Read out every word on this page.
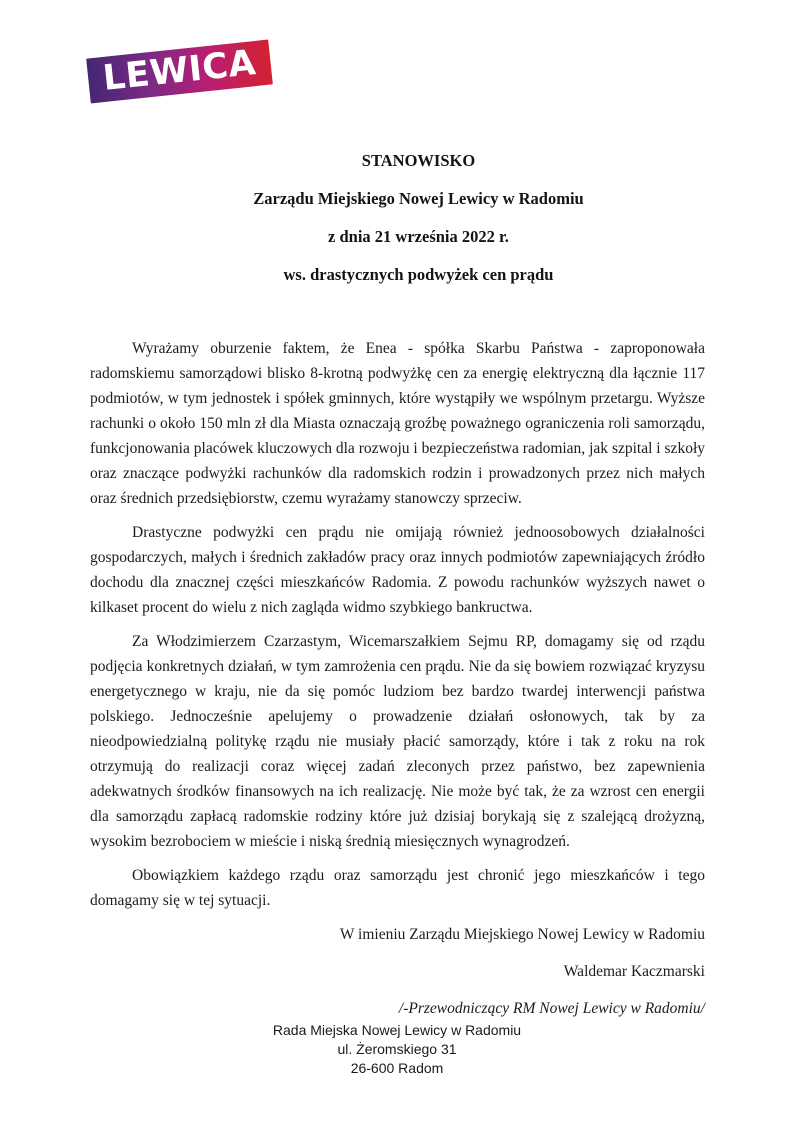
LEWICA
STANOWISKO
Zarządu Miejskiego Nowej Lewicy w Radomiu
z dnia 21 września 2022 r.
ws. drastycznych podwyżek cen prądu

Wyrażamy oburzenie faktem, że Enea - spółka Skarbu Państwa - zaproponowała radomskiemu samorządowi blisko 8-krotną podwyżkę cen za energię elektryczną dla łącznie 117 podmiotów, w tym jednostek i spółek gminnych, które wystąpiły we wspólnym przetargu. Wyższe rachunki o około 150 mln zł dla Miasta oznaczają groźbę poważnego ograniczenia roli samorządu, funkcjonowania placówek kluczowych dla rozwoju i bezpieczeństwa radomian, jak szpital i szkoły oraz znaczące podwyżki rachunków dla radomskich rodzin i prowadzonych przez nich małych oraz średnich przedsiębiorstw, czemu wyrażamy stanowczy sprzeciw.

Drastyczne podwyżki cen prądu nie omijają również jednoosobowych działalności gospodarczych, małych i średnich zakładów pracy oraz innych podmiotów zapewniających źródło dochodu dla znacznej części mieszkańców Radomia. Z powodu rachunków wyższych nawet o kilkaset procent do wielu z nich zagląda widmo szybkiego bankructwa.

Za Włodzimierzem Czarzastym, Wicemarszałkiem Sejmu RP, domagamy się od rządu podjęcia konkretnych działań, w tym zamrożenia cen prądu. Nie da się bowiem rozwiązać kryzysu energetycznego w kraju, nie da się pomóc ludziom bez bardzo twardej interwencji państwa polskiego. Jednocześnie apelujemy o prowadzenie działań osłonowych, tak by za nieodpowiedzialną politykę rządu nie musiały płacić samorządy, które i tak z roku na rok otrzymują do realizacji coraz więcej zadań zleconych przez państwo, bez zapewnienia adekwatnych środków finansowych na ich realizację. Nie może być tak, że za wzrost cen energii dla samorządu zapłacą radomskie rodziny które już dzisiaj borykają się z szalejącą drożyzną, wysokim bezrobociem w mieście i niską średnią miesięcznych wynagrodzeń.

Obowiązkiem każdego rządu oraz samorządu jest chronić jego mieszkańców i tego domagamy się w tej sytuacji.

W imieniu Zarządu Miejskiego Nowej Lewicy w Radomiu

Waldemar Kaczmarski

/-Przewodniczący RM Nowej Lewicy w Radomiu/

Rada Miejska Nowej Lewicy w Radomiu
ul. Żeromskiego 31
26-600 Radom
